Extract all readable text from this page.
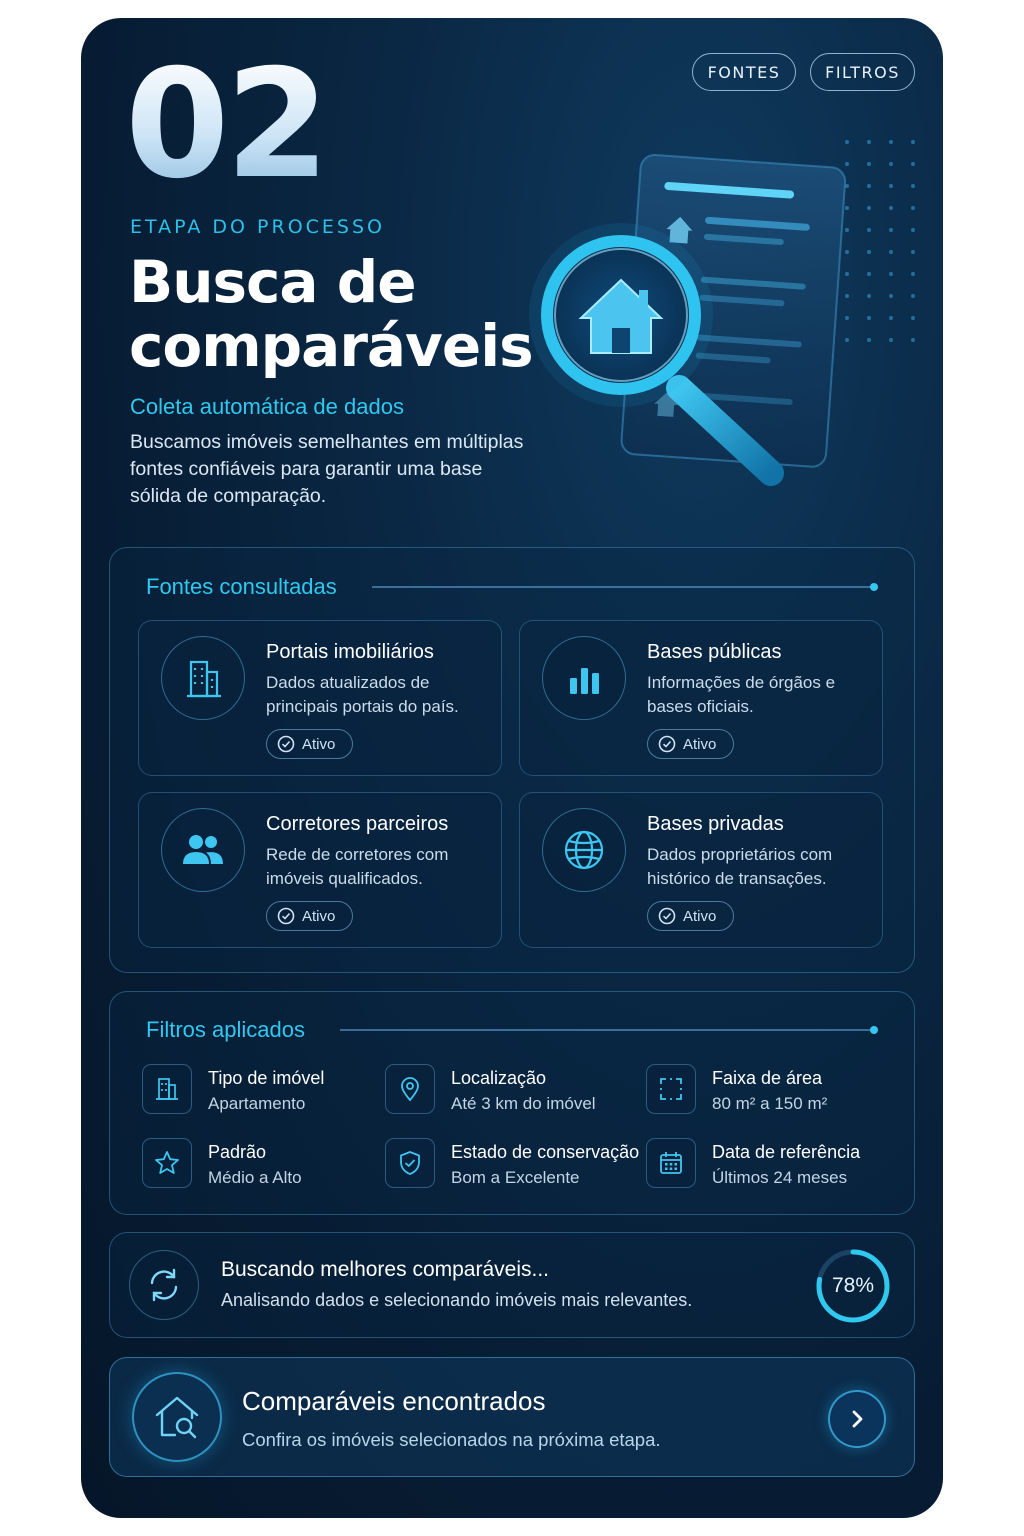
FONTES	FILTROS
02
ETAPA DO PROCESSO
Busca de comparáveis
Coleta automática de dados
Buscamos imóveis semelhantes em múltiplas fontes confiáveis para garantir uma base sólida de comparação.
Fontes consultadas
Portais imobiliários
Dados atualizados de principais portais do país.
Ativo
Bases públicas
Informações de órgãos e bases oficiais.
Ativo
Corretores parceiros
Rede de corretores com imóveis qualificados.
Ativo
Bases privadas
Dados proprietários com histórico de transações.
Ativo
Filtros aplicados
Tipo de imóvel
Apartamento
Localização
Até 3 km do imóvel
Faixa de área
80 m² a 150 m²
Padrão
Médio a Alto
Estado de conservação
Bom a Excelente
Data de referência
Últimos 24 meses
Buscando melhores comparáveis...
Analisando dados e selecionando imóveis mais relevantes.
78%
Comparáveis encontrados
Confira os imóveis selecionados na próxima etapa.
